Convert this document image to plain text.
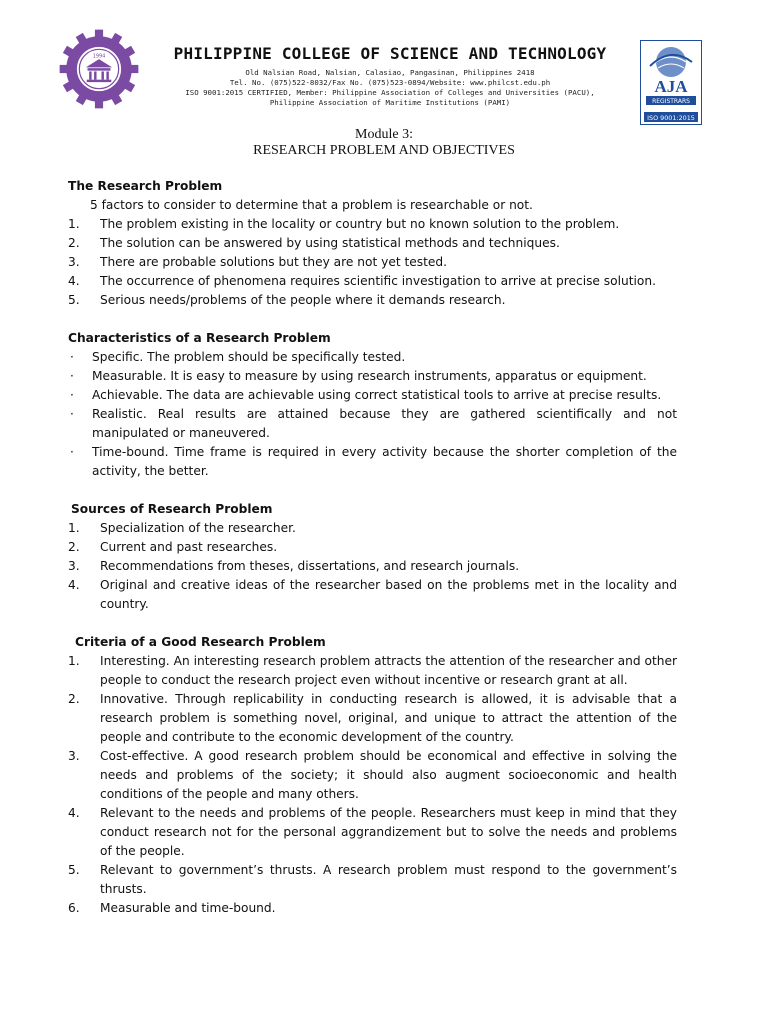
1994	PHILIPPINE COLLEGE OF SCIENCE AND TECHNOLOGY
Old Nalsian Road, Nalsian, Calasiao, Pangasinan, Philippines 2418
Tel. No. (075)522-8032/Fax No. (075)523-0894/Website: www.philcst.edu.ph
ISO 9001:2015 CERTIFIED, Member: Philippine Association of Colleges and Universities (PACU),
Philippine Association of Maritime Institutions (PAMI)
AJA
REGISTRARS
ISO 9001:2015
Module 3:
RESEARCH PROBLEM AND OBJECTIVES

The Research Problem

5 factors to consider to determine that a problem is researchable or not.

1.	The problem existing in the locality or country but no known solution to the problem.
2.	The solution can be answered by using statistical methods and techniques.
3.	There are probable solutions but they are not yet tested.
4.	The occurrence of phenomena requires scientific investigation to arrive at precise solution.
5.	Serious needs/problems of the people where it demands research.

Characteristics of a Research Problem

·	Specific. The problem should be specifically tested.
·	Measurable. It is easy to measure by using research instruments, apparatus or equipment.
·	Achievable. The data are achievable using correct statistical tools to arrive at precise results.
·	Realistic. Real results are attained because they are gathered scientifically and not manipulated or maneuvered.
·	Time-bound. Time frame is required in every activity because the shorter completion of the activity, the better.

Sources of Research Problem

1.	Specialization of the researcher.
2.	Current and past researches.
3.	Recommendations from theses, dissertations, and research journals.
4.	Original and creative ideas of the researcher based on the problems met in the locality and country.

Criteria of a Good Research Problem

1.	Interesting. An interesting research problem attracts the attention of the researcher and other people to conduct the research project even without incentive or research grant at all.
2.	Innovative. Through replicability in conducting research is allowed, it is advisable that a research problem is something novel, original, and unique to attract the attention of the people and contribute to the economic development of the country.
3.	Cost-effective. A good research problem should be economical and effective in solving the needs and problems of the society; it should also augment socioeconomic and health conditions of the people and many others.
4.	Relevant to the needs and problems of the people. Researchers must keep in mind that they conduct research not for the personal aggrandizement but to solve the needs and problems of the people.
5.	Relevant to government’s thrusts. A research problem must respond to the government’s thrusts.
6.	Measurable and time-bound.
